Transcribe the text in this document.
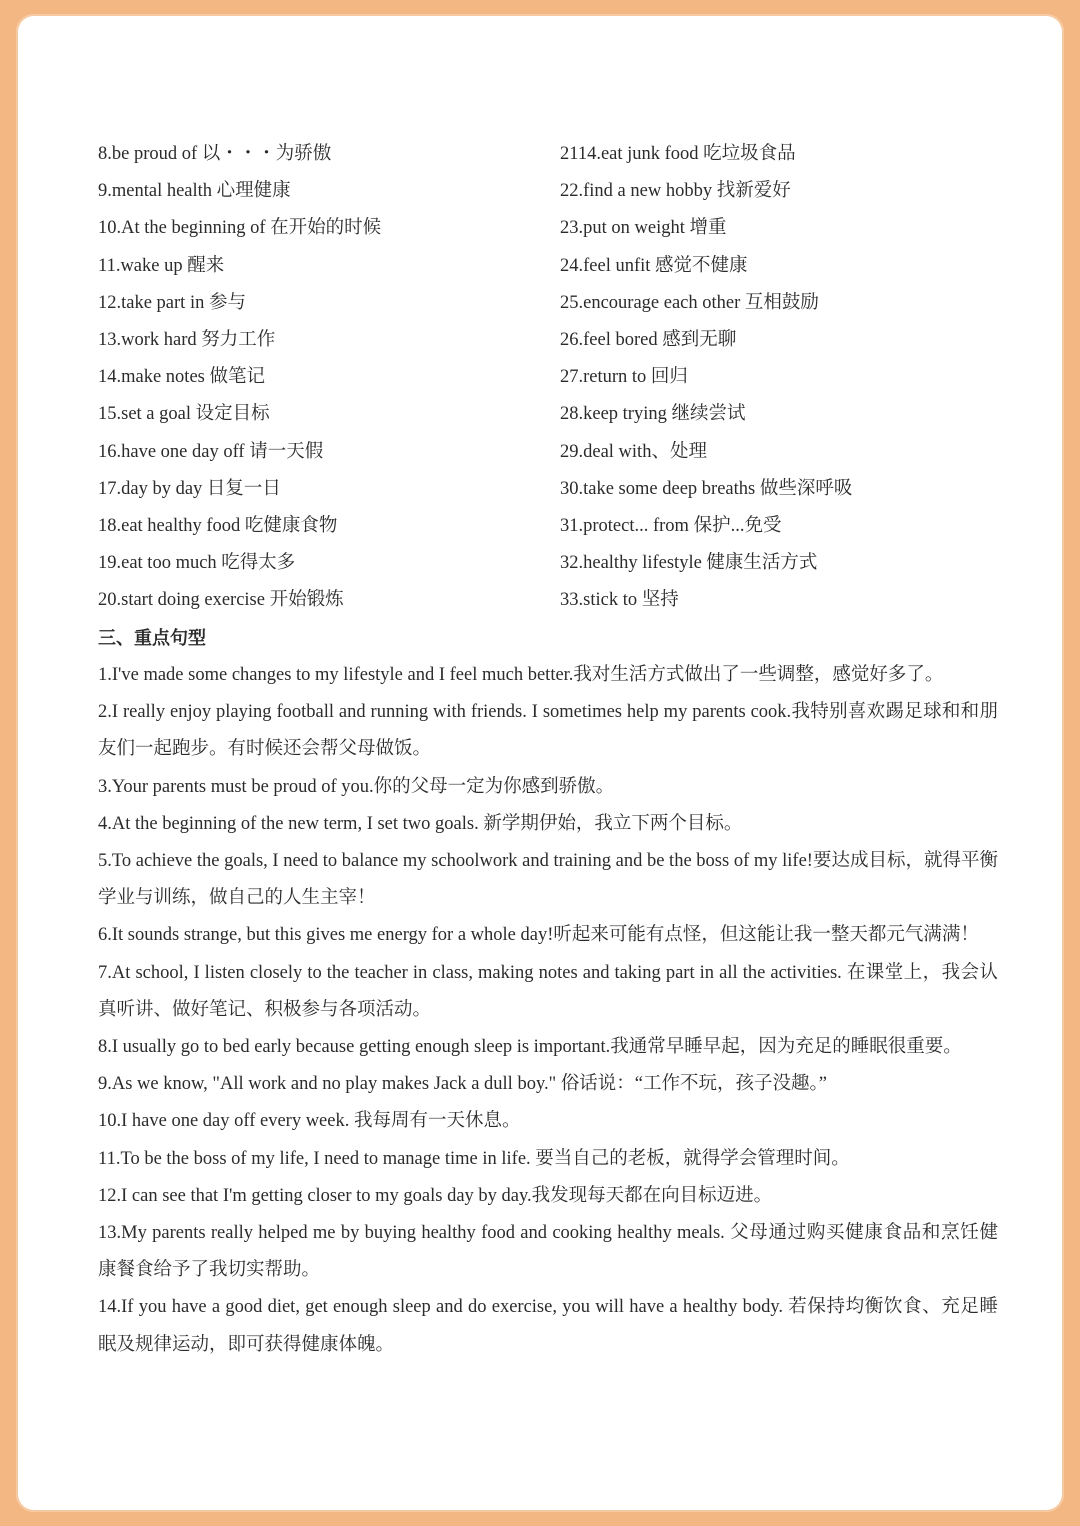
8.be proud of 以・・・为骄傲
9.mental health 心理健康
10.At the beginning of 在开始的时候
11.wake up 醒来
12.take part in 参与
13.work hard 努力工作
14.make notes 做笔记
15.set a goal 设定目标
16.have one day off 请一天假
17.day by day 日复一日
18.eat healthy food 吃健康食物
19.eat too much 吃得太多
20.start doing exercise 开始锻炼
2114.eat junk food 吃垃圾食品
22.find a new hobby 找新爱好
23.put on weight 增重
24.feel unfit 感觉不健康
25.encourage each other 互相鼓励
26.feel bored 感到无聊
27.return to 回归
28.keep trying 继续尝试
29.deal with、处理
30.take some deep breaths 做些深呼吸
31.protect... from 保护...免受
32.healthy lifestyle 健康生活方式
33.stick to 坚持
三、重点句型
1.I've made some changes to my lifestyle and I feel much better.我对生活方式做出了一些调整，感觉好多了。
2.I really enjoy playing football and running with friends. I sometimes help my parents cook.我特别喜欢踢足球和和朋友们一起跑步。有时候还会帮父母做饭。
3.Your parents must be proud of you.你的父母一定为你感到骄傲。
4.At the beginning of the new term, I set two goals. 新学期伊始，我立下两个目标。
5.To achieve the goals, I need to balance my schoolwork and training and be the boss of my life!要达成目标，就得平衡学业与训练，做自己的人生主宰！
6.It sounds strange, but this gives me energy for a whole day!听起来可能有点怪，但这能让我一整天都元气满满！
7.At school, I listen closely to the teacher in class, making notes and taking part in all the activities. 在课堂上，我会认真听讲、做好笔记、积极参与各项活动。
8.I usually go to bed early because getting enough sleep is important.我通常早睡早起，因为充足的睡眠很重要。
9.As we know, "All work and no play makes Jack a dull boy." 俗话说：“工作不玩，孩子没趣。”
10.I have one day off every week. 我每周有一天休息。
11.To be the boss of my life, I need to manage time in life. 要当自己的老板，就得学会管理时间。
12.I can see that I'm getting closer to my goals day by day.我发现每天都在向目标迈进。
13.My parents really helped me by buying healthy food and cooking healthy meals. 父母通过购买健康食品和烹饪健康餐食给予了我切实帮助。
14.If you have a good diet, get enough sleep and do exercise, you will have a healthy body. 若保持均衡饮食、充足睡眠及规律运动，即可获得健康体魄。
